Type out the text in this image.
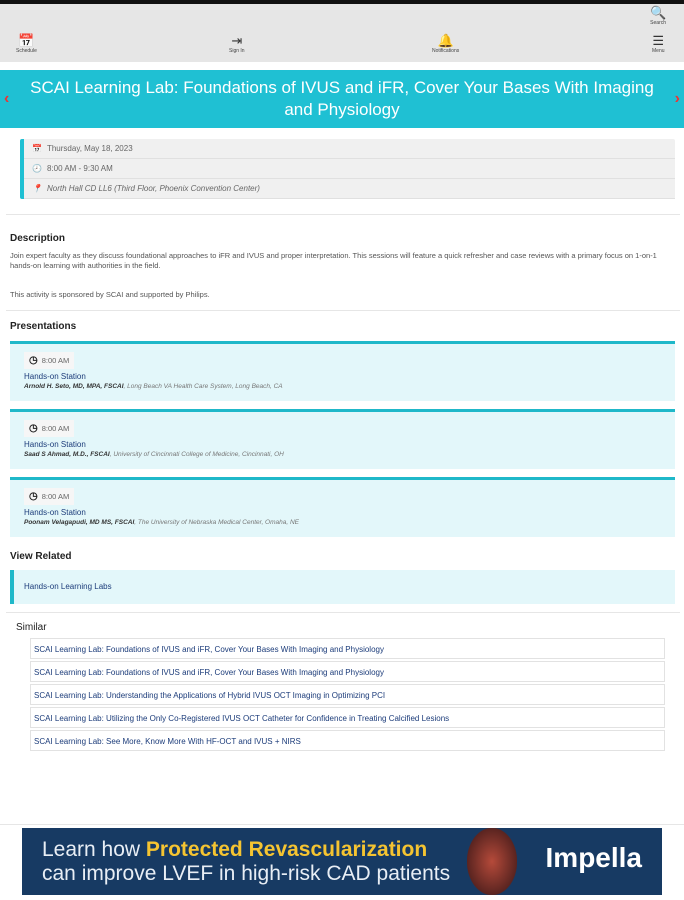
📅
Schedule
⇥
Sign In
🔔
Notifications
🔍
Search
☰
Menu
‹
SCAI Learning Lab: Foundations of IVUS and iFR, Cover Your Bases With Imaging and Physiology
›
📅 Thursday, May 18, 2023
🕗 8:00 AM - 9:30 AM
📍 North Hall CD LL6 (Third Floor, Phoenix Convention Center)
Description
Join expert faculty as they discuss foundational approaches to iFR and IVUS and proper interpretation. This sessions will feature a quick refresher and case reviews with a primary focus on 1-on-1 hands-on learning with authorities in the field.
This activity is sponsored by SCAI and supported by Philips.
Presentations
◷ 8:00 AM
Hands-on Station
Arnold H. Seto, MD, MPA, FSCAI, Long Beach VA Health Care System, Long Beach, CA
◷ 8:00 AM
Hands-on Station
Saad S Ahmad, M.D., FSCAI, University of Cincinnati College of Medicine, Cincinnati, OH
◷ 8:00 AM
Hands-on Station
Poonam Velagapudi, MD MS, FSCAI, The University of Nebraska Medical Center, Omaha, NE
View Related
Hands-on Learning Labs
Similar
SCAI Learning Lab: Foundations of IVUS and iFR, Cover Your Bases With Imaging and Physiology
SCAI Learning Lab: Foundations of IVUS and iFR, Cover Your Bases With Imaging and Physiology
SCAI Learning Lab: Understanding the Applications of Hybrid IVUS OCT Imaging in Optimizing PCI
SCAI Learning Lab: Utilizing the Only Co-Registered IVUS OCT Catheter for Confidence in Treating Calcified Lesions
SCAI Learning Lab: See More, Know More With HF-OCT and IVUS + NIRS
Learn how Protected Revascularization
can improve LVEF in high-risk CAD patients
Impella
